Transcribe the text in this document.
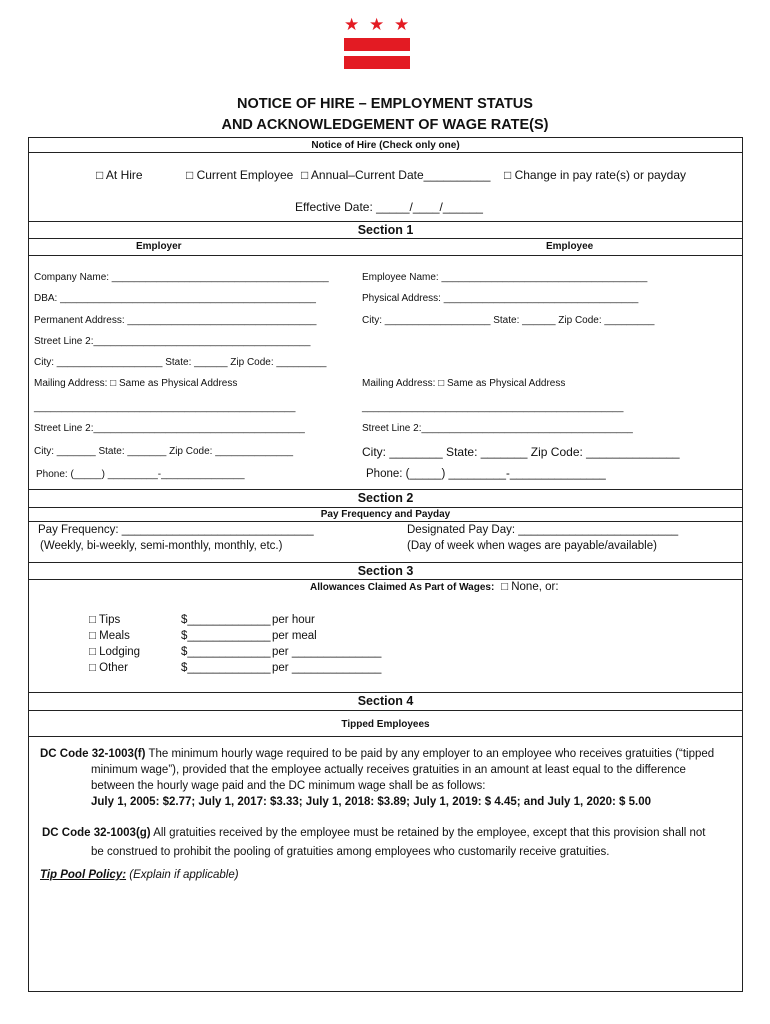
★ ★ ★
NOTICE OF HIRE – EMPLOYMENT STATUS
AND ACKNOWLEDGEMENT OF WAGE RATE(S)
Notice of Hire (Check only one)
□ At Hire	□ Current Employee □ Annual–Current Date__________ □ Change in pay rate(s) or payday
Effective Date: _____/____/______
Section 1
Employer	Employee
Company Name: _______________________________________
DBA: ______________________________________________
Permanent Address: __________________________________
Street Line 2:_______________________________________
City: ___________________ State: ______ Zip Code: _________
Mailing Address: □ Same as Physical Address
_______________________________________________
Street Line 2:______________________________________
City: _______ State: _______ Zip Code: ______________
Phone: (_____) _________-_______________
Employee Name: _____________________________________
Physical Address: ___________________________________
City: ___________________ State: ______ Zip Code: _________
Mailing Address: □ Same as Physical Address
_______________________________________________
Street Line 2:______________________________________
City: ________ State: _______ Zip Code: ______________
Phone: (_____) _________-_______________
Section 2
Pay Frequency and Payday
Pay Frequency: ______________________________
(Weekly, bi-weekly, semi-monthly, monthly, etc.)
Designated Pay Day: _________________________
(Day of week when wages are payable/available)
Section 3
Allowances Claimed As Part of Wages: □ None, or:
□ Tips
□ Meals
□ Lodging
□ Other
$_____________
$_____________
$_____________
$_____________
per hour
per meal
per ______________
per ______________
Section 4
Tipped Employees
DC Code 32-1003(f) The minimum hourly wage required to be paid by any employer to an employee who receives gratuities (“tipped
minimum wage”), provided that the employee actually receives gratuities in an amount at least equal to the difference
between the hourly wage paid and the DC minimum wage shall be as follows:
July 1, 2005: $2.77; July 1, 2017: $3.33; July 1, 2018: $3.89; July 1, 2019: $ 4.45; and July 1, 2020: $ 5.00
DC Code 32-1003(g) All gratuities received by the employee must be retained by the employee, except that this provision shall not
be construed to prohibit the pooling of gratuities among employees who customarily receive gratuities.
Tip Pool Policy: (Explain if applicable)
